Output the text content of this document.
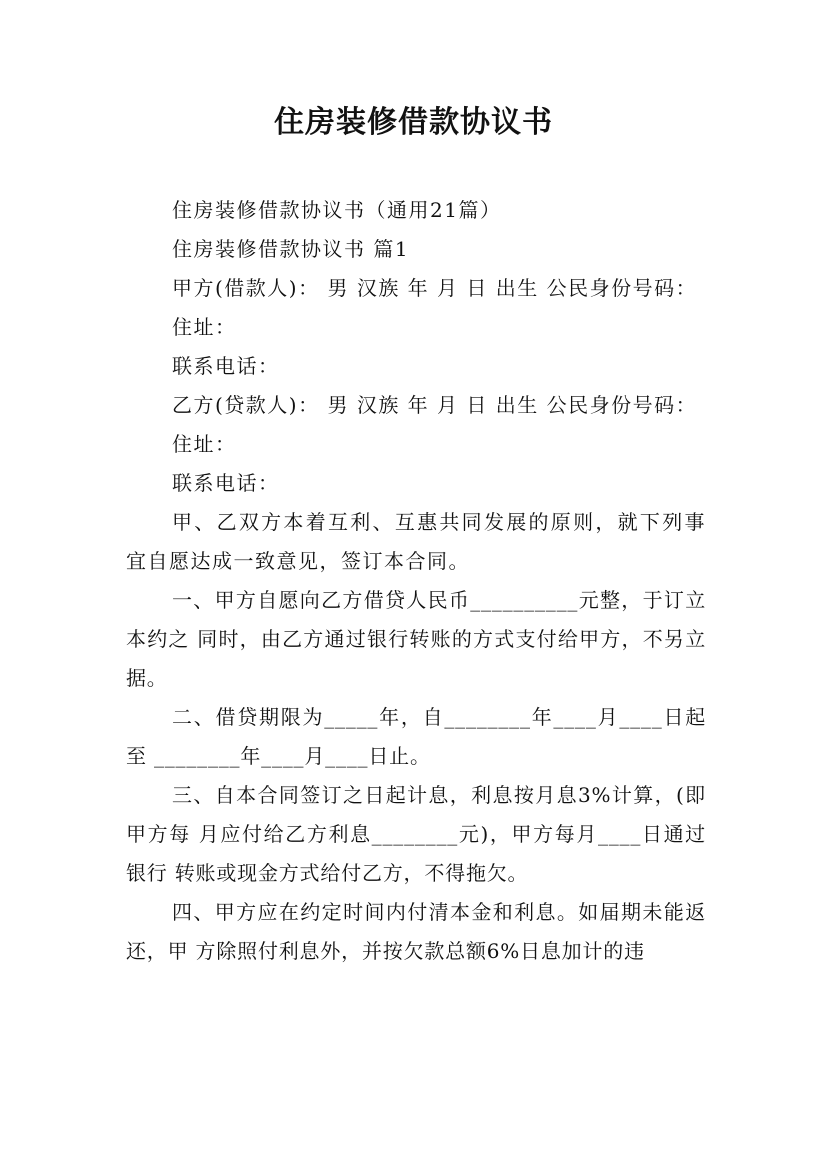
住房装修借款协议书

住房装修借款协议书（通用21篇）

住房装修借款协议书 篇1

甲方(借款人)： 男 汉族 年 月 日 出生 公民身份号码：

住址：

联系电话：

乙方(贷款人)： 男 汉族 年 月 日 出生 公民身份号码：

住址：

联系电话：

甲、乙双方本着互利、互惠共同发展的原则，就下列事宜自愿达成一致意见，签订本合同。

一、甲方自愿向乙方借贷人民币__________元整，于订立本约之 同时，由乙方通过银行转账的方式支付给甲方，不另立据。

二、借贷期限为_____年，自________年____月____日起至 ________年____月____日止。

三、自本合同签订之日起计息，利息按月息3%计算，(即甲方每 月应付给乙方利息________元)，甲方每月____日通过银行 转账或现金方式给付乙方，不得拖欠。

四、甲方应在约定时间内付清本金和利息。如届期未能返还，甲 方除照付利息外，并按欠款总额6%日息加计的违
